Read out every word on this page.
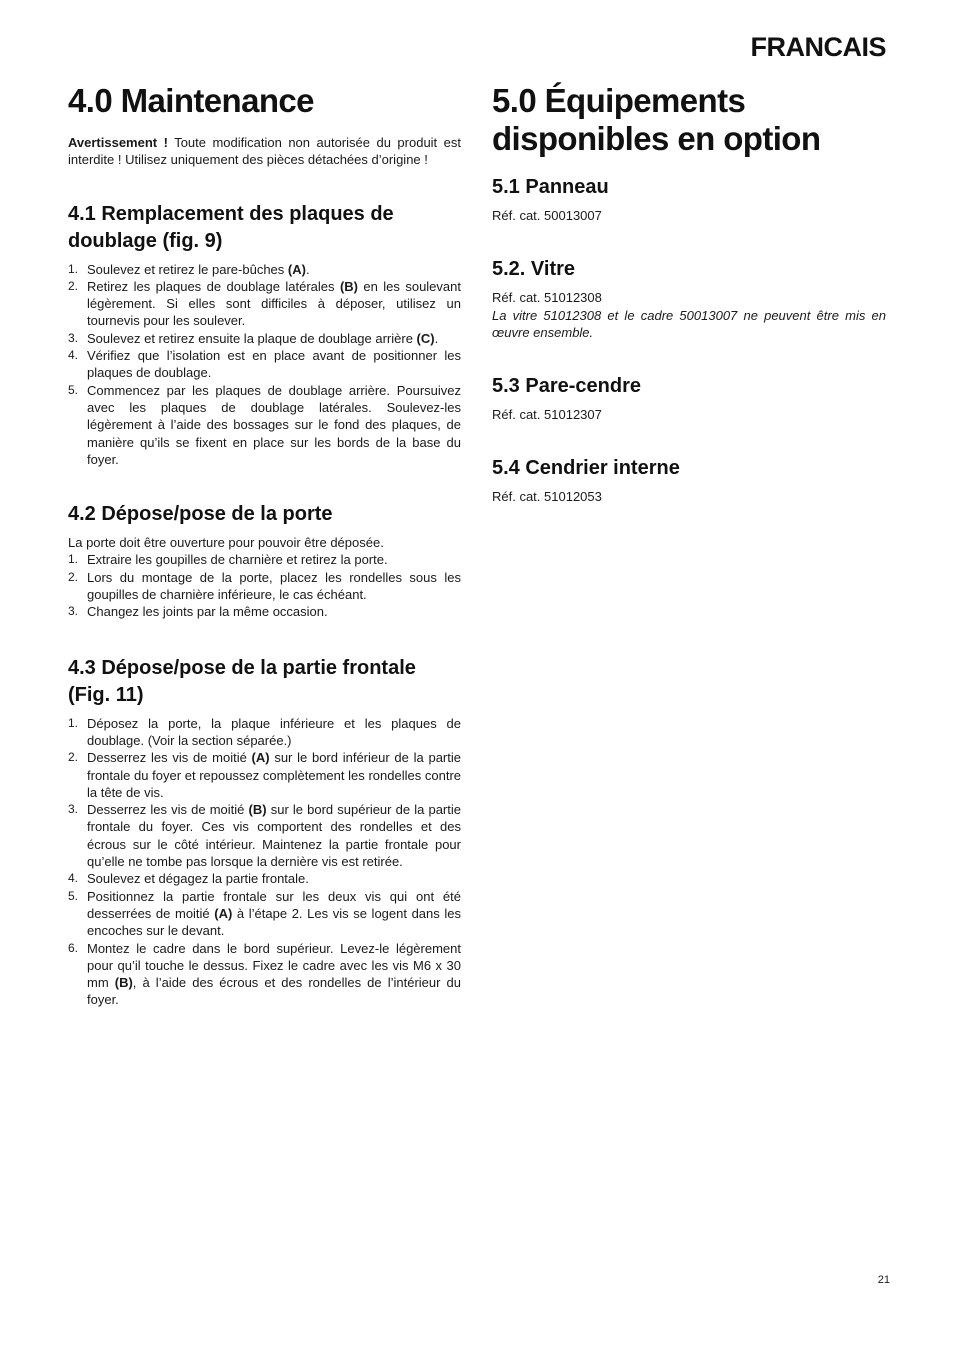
FRANCAIS
4.0 Maintenance

Avertissement ! Toute modification non autorisée du produit est interdite ! Utilisez uniquement des pièces détachées d’origine !

4.1 Remplacement des plaques de doublage (fig. 9)
1. Soulevez et retirez le pare-bûches (A).
2. Retirez les plaques de doublage latérales (B) en les soulevant légèrement. Si elles sont difficiles à déposer, utilisez un tournevis pour les soulever.
3. Soulevez et retirez ensuite la plaque de doublage arrière (C).
4. Vérifiez que l’isolation est en place avant de positionner les plaques de doublage.
5. Commencez par les plaques de doublage arrière. Poursuivez avec les plaques de doublage latérales. Soulevez-les légèrement à l’aide des bossages sur le fond des plaques, de manière qu’ils se fixent en place sur les bords de la base du foyer.
4.2 Dépose/pose de la porte

La porte doit être ouverture pour pouvoir être déposée.

1. Extraire les goupilles de charnière et retirez la porte.
2. Lors du montage de la porte, placez les rondelles sous les goupilles de charnière inférieure, le cas échéant.
3. Changez les joints par la même occasion.
4.3 Dépose/pose de la partie frontale (Fig. 11)
1. Déposez la porte, la plaque inférieure et les plaques de doublage. (Voir la section séparée.)
2. Desserrez les vis de moitié (A) sur le bord inférieur de la partie frontale du foyer et repoussez complètement les rondelles contre la tête de vis.
3. Desserrez les vis de moitié (B) sur le bord supérieur de la partie frontale du foyer. Ces vis comportent des rondelles et des écrous sur le côté intérieur. Maintenez la partie frontale pour qu’elle ne tombe pas lorsque la dernière vis est retirée.
4. Soulevez et dégagez la partie frontale.
5. Positionnez la partie frontale sur les deux vis qui ont été desserrées de moitié (A) à l’étape 2. Les vis se logent dans les encoches sur le devant.
6. Montez le cadre dans le bord supérieur. Levez-le légèrement pour qu’il touche le dessus. Fixez le cadre avec les vis M6 x 30 mm (B), à l’aide des écrous et des rondelles de l’intérieur du foyer.
5.0 Équipements disponibles en option
5.1 Panneau

Réf. cat. 50013007

5.2. Vitre

Réf. cat. 51012308

La vitre 51012308 et le cadre 50013007 ne peuvent être mis en œuvre ensemble.

5.3 Pare-cendre

Réf. cat. 51012307

5.4 Cendrier interne

Réf. cat. 51012053

21
